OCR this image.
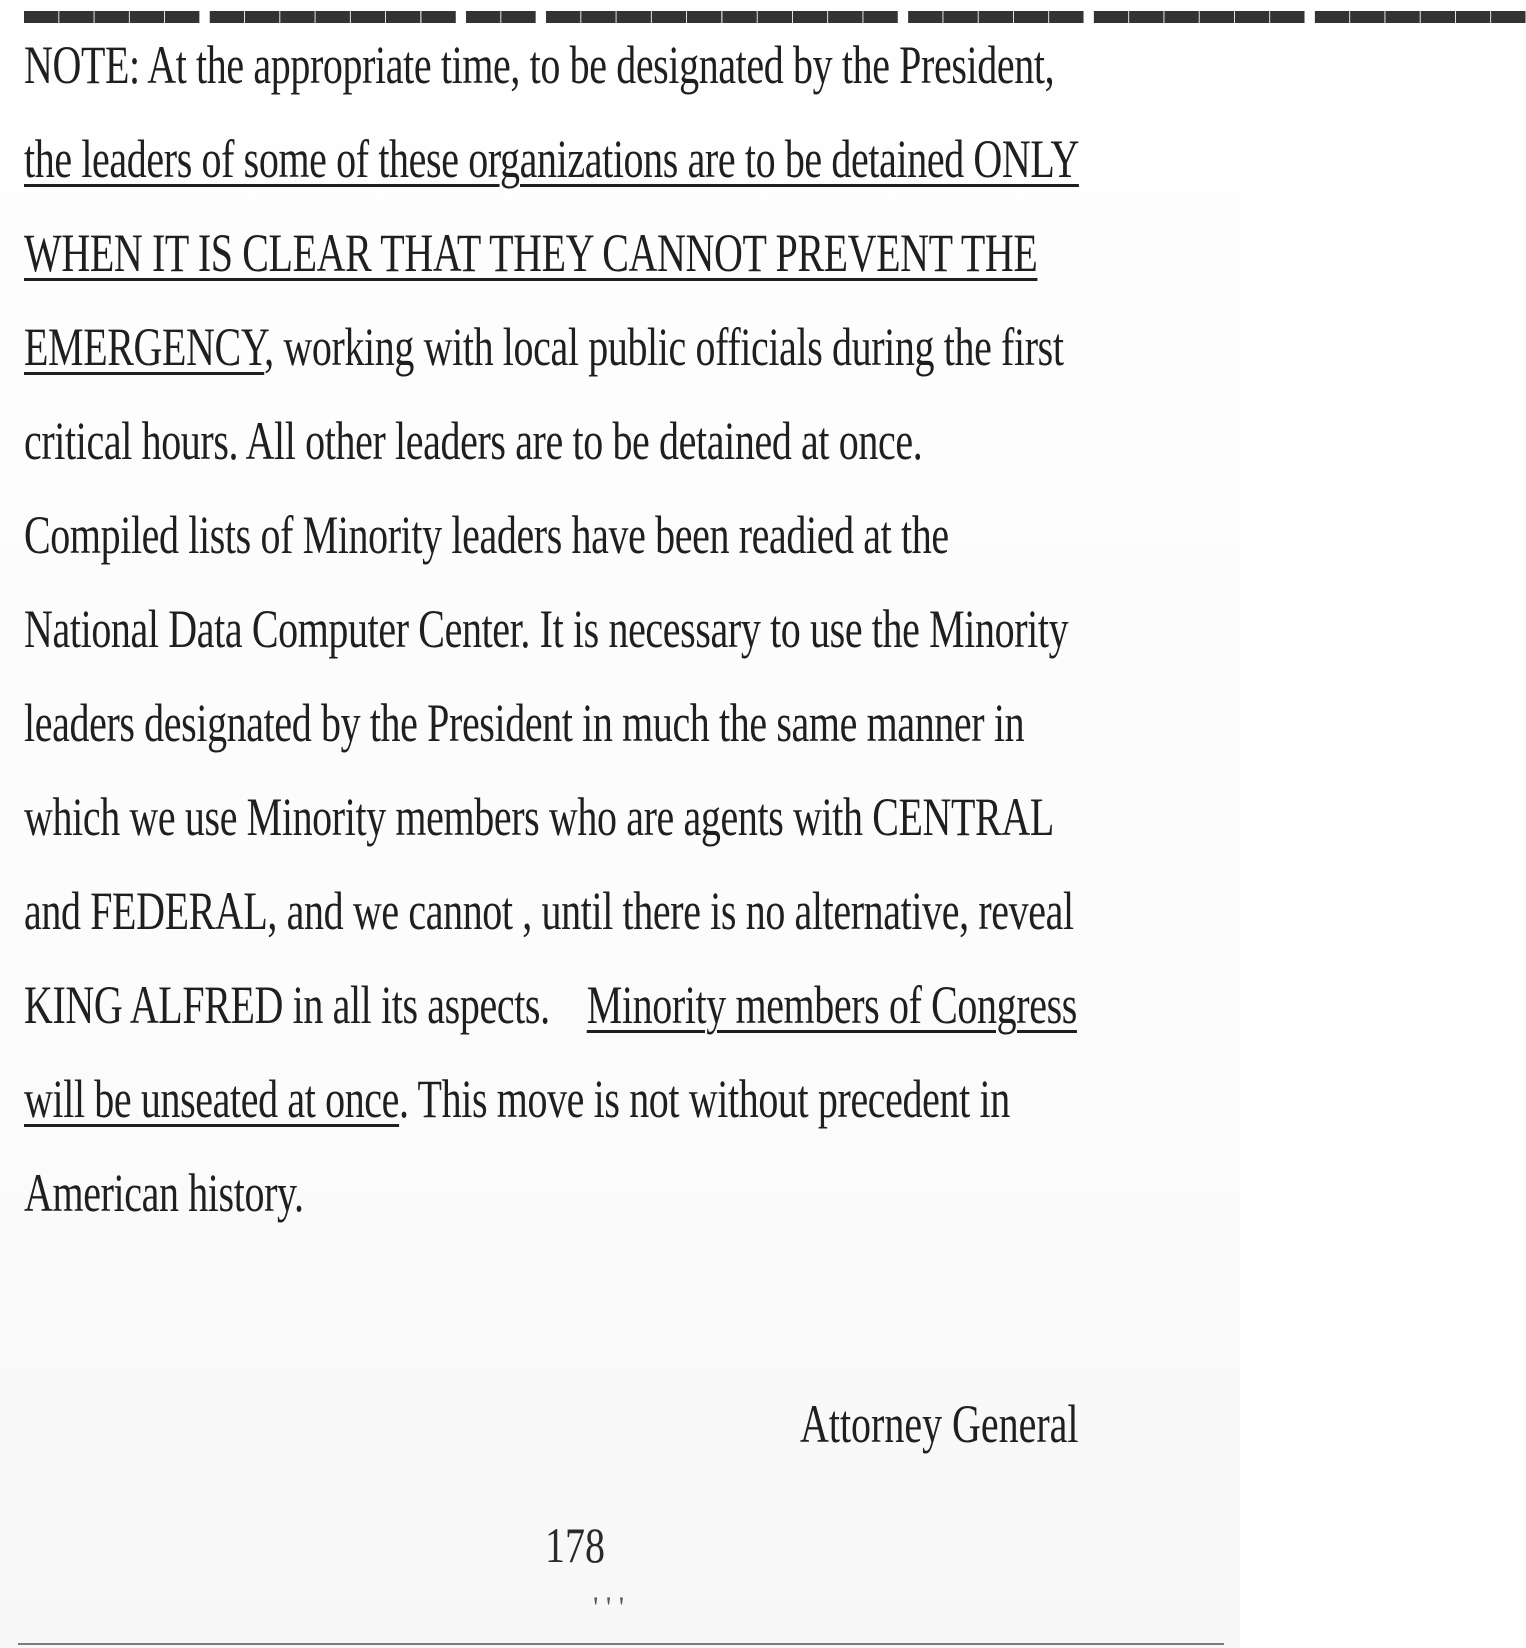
▬▬▬▬▬ ▬▬▬▬▬▬▬ ▬▬ ▬▬▬▬▬▬▬▬▬▬ ▬▬▬▬▬ ▬▬▬▬▬▬ ▬▬▬▬▬▬
NOTE: At the appropriate time, to be designated by the President,
the leaders of some of these organizations are to be detained ONLY
WHEN IT IS CLEAR THAT THEY CANNOT PREVENT THE
EMERGENCY, working with local public officials during the first
critical hours. All other leaders are to be detained at once.
Compiled lists of Minority leaders have been readied at the
National Data Computer Center. It is necessary to use the Minority
leaders designated by the President in much the same manner in
which we use Minority members who are agents with CENTRAL
and FEDERAL, and we cannot , until there is no alternative, reveal
KING ALFRED in all its aspects. Minority members of Congress
will be unseated at once. This move is not without precedent in
American history.
Attorney General
178
' ' '
